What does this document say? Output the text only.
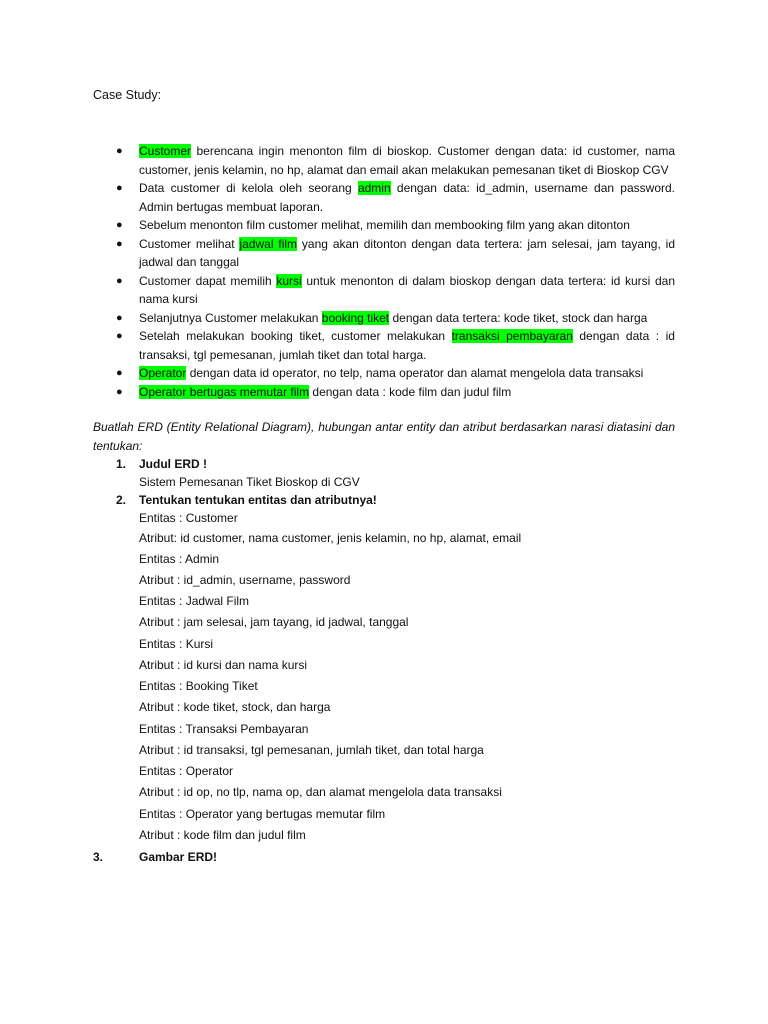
Case Study:
● Customer berencana ingin menonton film di bioskop. Customer dengan data: id customer, nama customer, jenis kelamin, no hp, alamat dan email akan melakukan pemesanan tiket di Bioskop CGV
● Data customer di kelola oleh seorang admin dengan data: id_admin, username dan password. Admin bertugas membuat laporan.
● Sebelum menonton film customer melihat, memilih dan membooking film yang akan ditonton
● Customer melihat jadwal film yang akan ditonton dengan data tertera: jam selesai, jam tayang, id jadwal dan tanggal
● Customer dapat memilih kursi untuk menonton di dalam bioskop dengan data tertera: id kursi dan nama kursi
● Selanjutnya Customer melakukan booking tiket dengan data tertera: kode tiket, stock dan harga
● Setelah melakukan booking tiket, customer melakukan transaksi pembayaran dengan data : id transaksi, tgl pemesanan, jumlah tiket dan total harga.
● Operator dengan data id operator, no telp, nama operator dan alamat mengelola data transaksi
● Operator bertugas memutar film dengan data : kode film dan judul film
Buatlah ERD (Entity Relational Diagram), hubungan antar entity dan atribut berdasarkan narasi diatasini dan tentukan:
1. Judul ERD !
Sistem Pemesanan Tiket Bioskop di CGV
2. Tentukan tentukan entitas dan atributnya!
Entitas : Customer
Atribut: id customer, nama customer, jenis kelamin, no hp, alamat, email
Entitas : Admin
Atribut : id_admin, username, password
Entitas : Jadwal Film
Atribut : jam selesai, jam tayang, id jadwal, tanggal
Entitas : Kursi
Atribut : id kursi dan nama kursi
Entitas : Booking Tiket
Atribut : kode tiket, stock, dan harga
Entitas : Transaksi Pembayaran
Atribut : id transaksi, tgl pemesanan, jumlah tiket, dan total harga
Entitas : Operator
Atribut : id op, no tlp, nama op, dan alamat mengelola data transaksi
Entitas : Operator yang bertugas memutar film
Atribut : kode film dan judul film
3.	Gambar ERD!
